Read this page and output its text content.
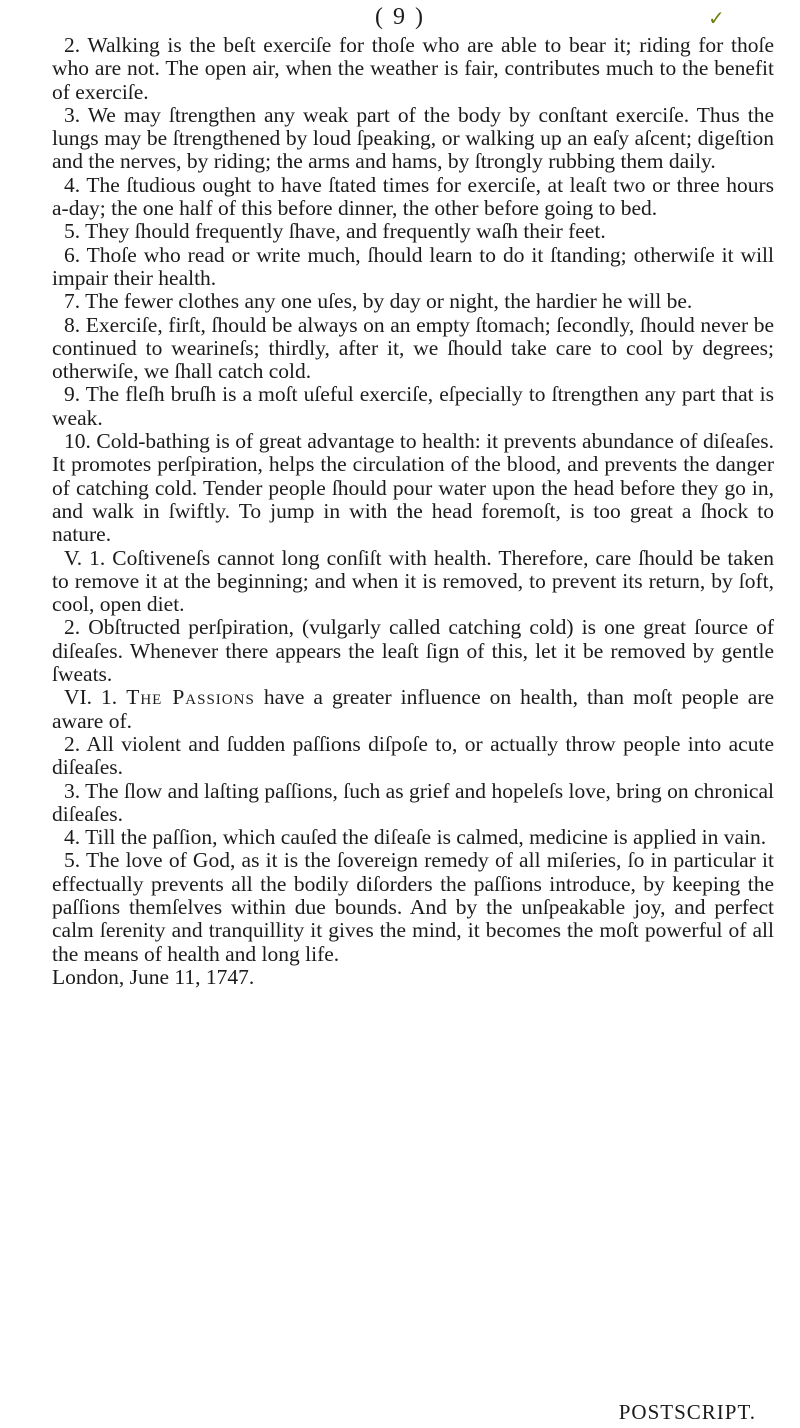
( 9 )	✓

2. Walking is the beſt exerciſe for thoſe who are able to bear it; riding for thoſe who are not. The open air, when the weather is fair, contributes much to the benefit of exerciſe.

3. We may ſtrengthen any weak part of the body by conſtant exerciſe. Thus the lungs may be ſtrengthened by loud ſpeaking, or walking up an eaſy aſcent; digeſtion and the nerves, by riding; the arms and hams, by ſtrongly rubbing them daily.

4. The ſtudious ought to have ſtated times for exerciſe, at leaſt two or three hours a-day; the one half of this before dinner, the other before going to bed.

5. They ſhould frequently ſhave, and frequently waſh their feet.

6. Thoſe who read or write much, ſhould learn to do it ſtanding; otherwiſe it will impair their health.

7. The fewer clothes any one uſes, by day or night, the hardier he will be.

8. Exerciſe, firſt, ſhould be always on an empty ſtomach; ſecondly, ſhould never be continued to wearineſs; thirdly, after it, we ſhould take care to cool by degrees; otherwiſe, we ſhall catch cold.

9. The fleſh bruſh is a moſt uſeful exerciſe, eſpecially to ſtrengthen any part that is weak.

10. Cold-bathing is of great advantage to health: it prevents abundance of diſeaſes. It promotes perſpiration, helps the circulation of the blood, and prevents the danger of catching cold. Tender people ſhould pour water upon the head before they go in, and walk in ſwiftly. To jump in with the head foremoſt, is too great a ſhock to nature.

V. 1. Coſtiveneſs cannot long conſiſt with health. Therefore, care ſhould be taken to remove it at the beginning; and when it is removed, to prevent its return, by ſoft, cool, open diet.

2. Obſtructed perſpiration, (vulgarly called catching cold) is one great ſource of diſeaſes. Whenever there appears the leaſt ſign of this, let it be removed by gentle ſweats.

VI. 1. The Passions have a greater influence on health, than moſt people are aware of.

2. All violent and ſudden paſſions diſpoſe to, or actually throw people into acute diſeaſes.

3. The ſlow and laſting paſſions, ſuch as grief and hopeleſs love, bring on chronical diſeaſes.

4. Till the paſſion, which cauſed the diſeaſe is calmed, medicine is applied in vain.

5. The love of God, as it is the ſovereign remedy of all miſeries, ſo in particular it effectually prevents all the bodily diſorders the paſſions introduce, by keeping the paſſions themſelves within due bounds. And by the unſpeakable joy, and perfect calm ſerenity and tranquillity it gives the mind, it becomes the moſt powerful of all the means of health and long life.

London, June 11, 1747.

POSTSCRIPT.
